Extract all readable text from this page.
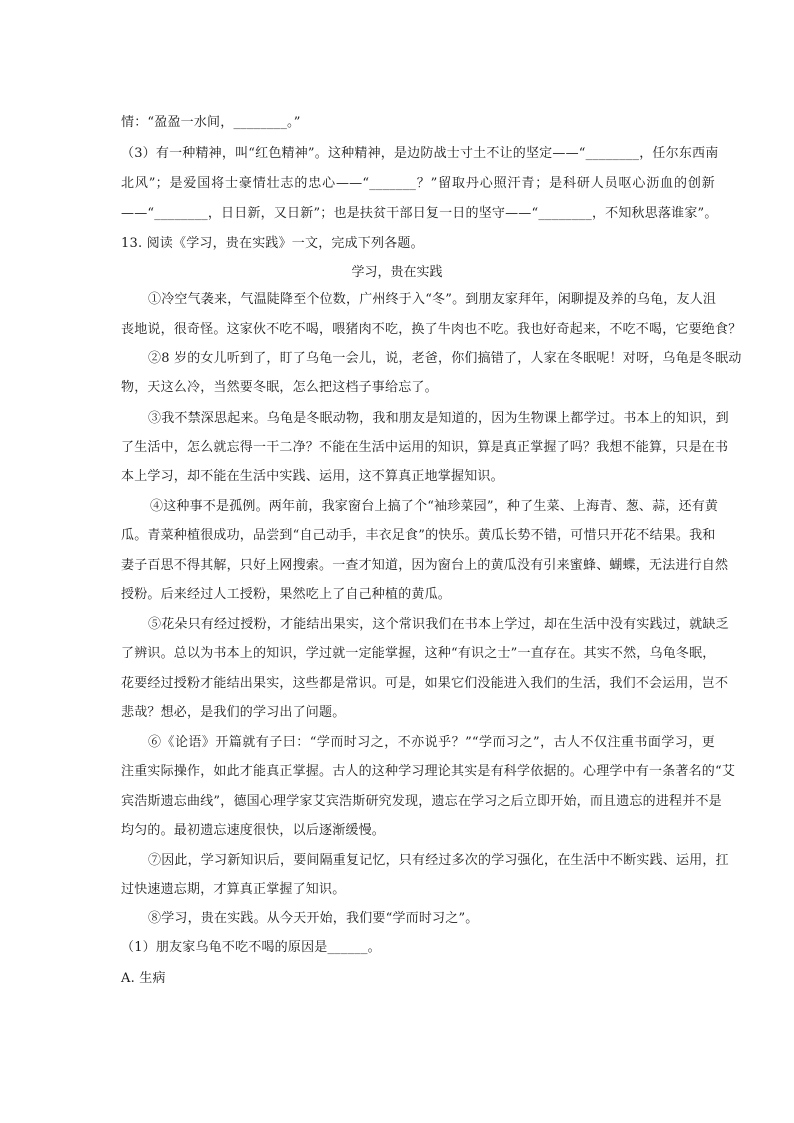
情：“盈盈一水间，________。”
（3）有一种精神，叫“红色精神”。这种精神，是边防战士寸土不让的坚定——“________，任尔东西南
北风”；是爱国将士豪情壮志的忠心——“_______？”留取丹心照汗青；是科研人员呕心沥血的创新
——“________，日日新，又日新”；也是扶贫干部日复一日的坚守——“________，不知秋思落谁家”。
13. 阅读《学习，贵在实践》一文，完成下列各题。
学习，贵在实践
①冷空气袭来，气温陡降至个位数，广州终于入“冬”。到朋友家拜年，闲聊提及养的乌龟，友人沮
丧地说，很奇怪。这家伙不吃不喝，喂猪肉不吃，换了牛肉也不吃。我也好奇起来，不吃不喝，它要绝食？
②8 岁的女儿听到了，盯了乌龟一会儿，说，老爸，你们搞错了，人家在冬眠呢！对呀，乌龟是冬眠动
物，天这么冷，当然要冬眠，怎么把这档子事给忘了。
③我不禁深思起来。乌龟是冬眠动物，我和朋友是知道的，因为生物课上都学过。书本上的知识，到
了生活中，怎么就忘得一干二净？不能在生活中运用的知识，算是真正掌握了吗？我想不能算，只是在书
本上学习，却不能在生活中实践、运用，这不算真正地掌握知识。
④这种事不是孤例。两年前，我家窗台上搞了个“袖珍菜园”，种了生菜、上海青、葱、蒜，还有黄
瓜。青菜种植很成功，品尝到“自己动手，丰衣足食”的快乐。黄瓜长势不错，可惜只开花不结果。我和
妻子百思不得其解，只好上网搜索。一查才知道，因为窗台上的黄瓜没有引来蜜蜂、蝴蝶，无法进行自然
授粉。后来经过人工授粉，果然吃上了自己种植的黄瓜。
⑤花朵只有经过授粉，才能结出果实，这个常识我们在书本上学过，却在生活中没有实践过，就缺乏
了辨识。总以为书本上的知识，学过就一定能掌握，这种“有识之士”一直存在。其实不然，乌龟冬眠，
花要经过授粉才能结出果实，这些都是常识。可是，如果它们没能进入我们的生活，我们不会运用，岂不
悲哉？想必，是我们的学习出了问题。
⑥《论语》开篇就有子曰：“学而时习之，不亦说乎？”“学而习之”，古人不仅注重书面学习，更
注重实际操作，如此才能真正掌握。古人的这种学习理论其实是有科学依据的。心理学中有一条著名的“艾
宾浩斯遗忘曲线”，德国心理学家艾宾浩斯研究发现，遗忘在学习之后立即开始，而且遗忘的进程并不是
均匀的。最初遗忘速度很快，以后逐渐缓慢。
⑦因此，学习新知识后，要间隔重复记忆，只有经过多次的学习强化，在生活中不断实践、运用，扛
过快速遗忘期，才算真正掌握了知识。
⑧学习，贵在实践。从今天开始，我们要“学而时习之”。
（1）朋友家乌龟不吃不喝的原因是______。
A. 生病
